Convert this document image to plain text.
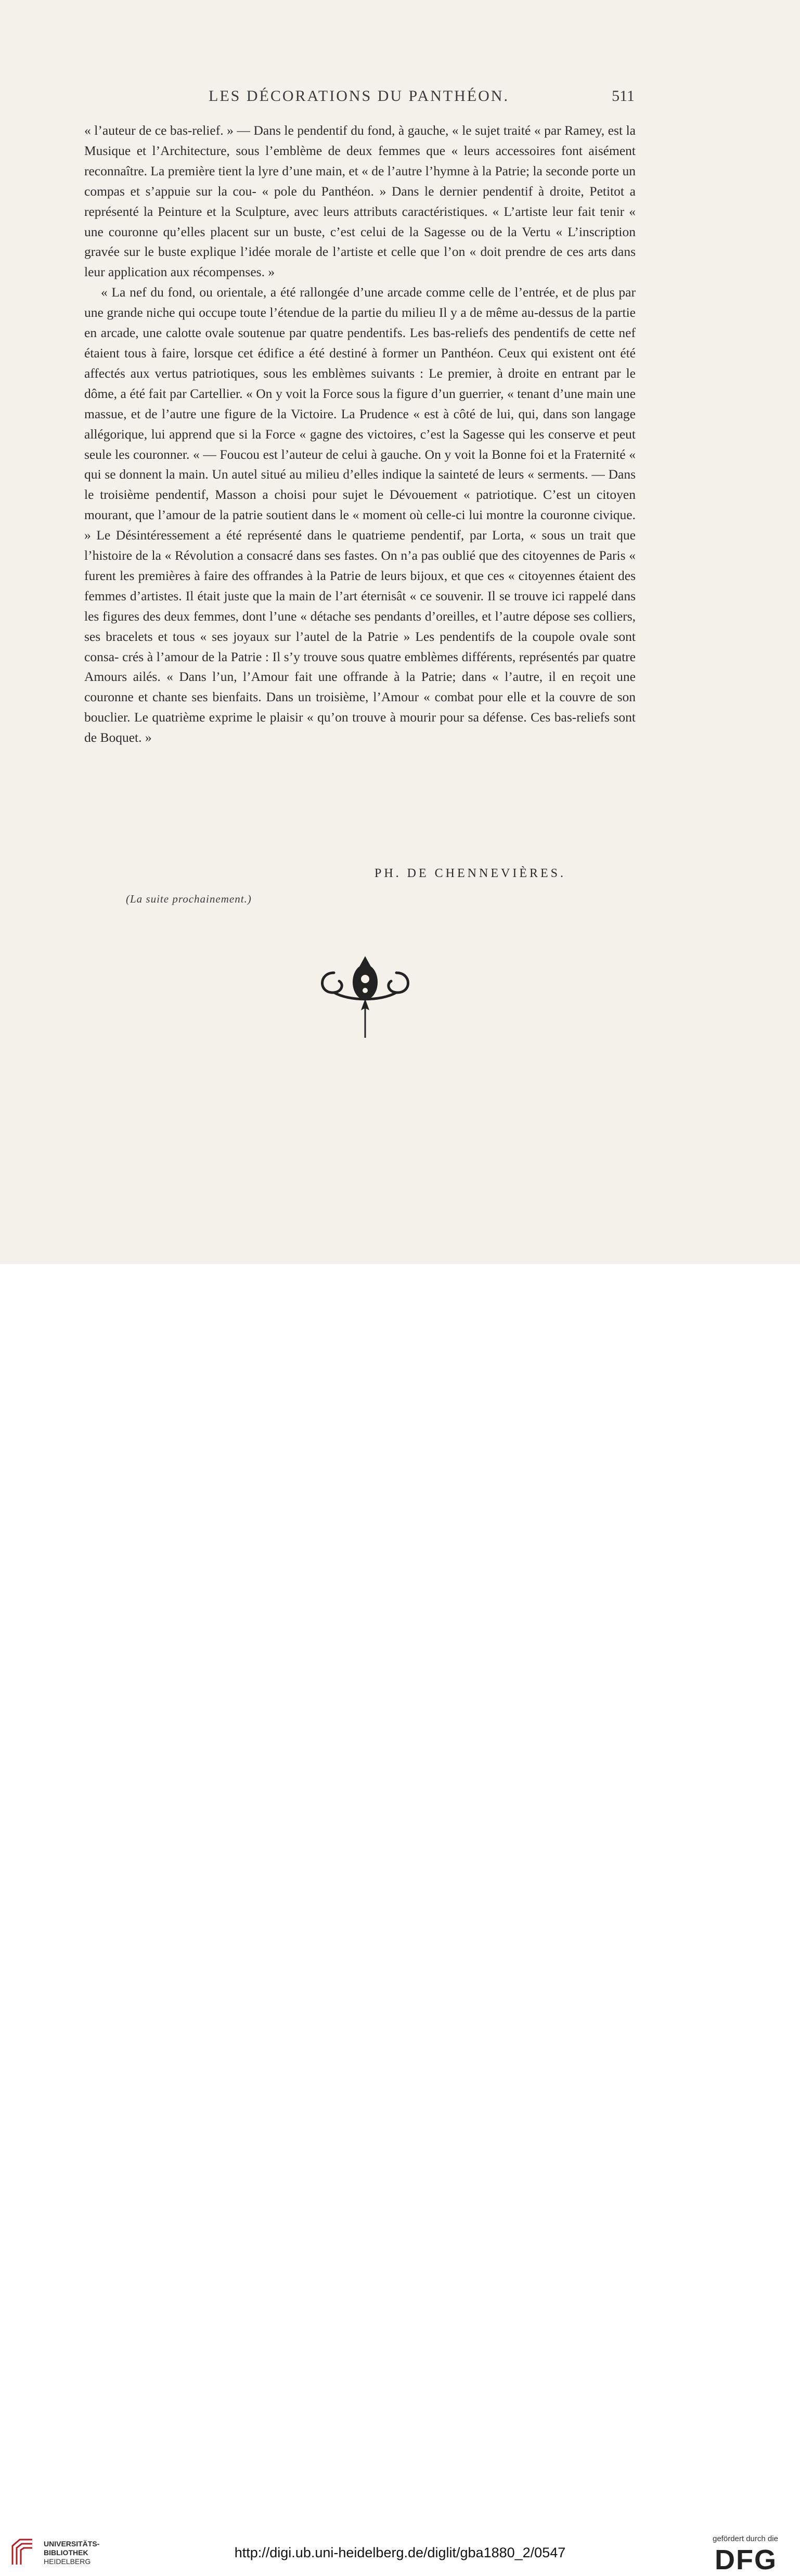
LES DÉCORATIONS DU PANTHÉON.	511

« l’auteur de ce bas-relief. » — Dans le pendentif du fond, à gauche, « le sujet traité « par Ramey, est la Musique et l’Architecture, sous l’emblème de deux femmes que « leurs accessoires font aisément reconnaître. La première tient la lyre d’une main, et « de l’autre l’hymne à la Patrie; la seconde porte un compas et s’appuie sur la cou- « pole du Panthéon. » Dans le dernier pendentif à droite, Petitot a représenté la Peinture et la Sculpture, avec leurs attributs caractéristiques. « L’artiste leur fait tenir « une couronne qu’elles placent sur un buste, c’est celui de la Sagesse ou de la Vertu « L’inscription gravée sur le buste explique l’idée morale de l’artiste et celle que l’on « doit prendre de ces arts dans leur application aux récompenses. »

« La nef du fond, ou orientale, a été rallongée d’une arcade comme celle de l’entrée, et de plus par une grande niche qui occupe toute l’étendue de la partie du milieu Il y a de même au-dessus de la partie en arcade, une calotte ovale soutenue par quatre pendentifs. Les bas-reliefs des pendentifs de cette nef étaient tous à faire, lorsque cet édifice a été destiné à former un Panthéon. Ceux qui existent ont été affectés aux vertus patriotiques, sous les emblèmes suivants : Le premier, à droite en entrant par le dôme, a été fait par Cartellier. « On y voit la Force sous la figure d’un guerrier, « tenant d’une main une massue, et de l’autre une figure de la Victoire. La Prudence « est à côté de lui, qui, dans son langage allégorique, lui apprend que si la Force « gagne des victoires, c’est la Sagesse qui les conserve et peut seule les couronner. « — Foucou est l’auteur de celui à gauche. On y voit la Bonne foi et la Fraternité « qui se donnent la main. Un autel situé au milieu d’elles indique la sainteté de leurs « serments. — Dans le troisième pendentif, Masson a choisi pour sujet le Dévouement « patriotique. C’est un citoyen mourant, que l’amour de la patrie soutient dans le « moment où celle-ci lui montre la couronne civique. » Le Désintéressement a été représenté dans le quatrieme pendentif, par Lorta, « sous un trait que l’histoire de la « Révolution a consacré dans ses fastes. On n’a pas oublié que des citoyennes de Paris « furent les premières à faire des offrandes à la Patrie de leurs bijoux, et que ces « citoyennes étaient des femmes d’artistes. Il était juste que la main de l’art éternisât « ce souvenir. Il se trouve ici rappelé dans les figures des deux femmes, dont l’une « détache ses pendants d’oreilles, et l’autre dépose ses colliers, ses bracelets et tous « ses joyaux sur l’autel de la Patrie » Les pendentifs de la coupole ovale sont consa- crés à l’amour de la Patrie : Il s’y trouve sous quatre emblèmes différents, représentés par quatre Amours ailés. « Dans l’un, l’Amour fait une offrande à la Patrie; dans « l’autre, il en reçoit une couronne et chante ses bienfaits. Dans un troisième, l’Amour « combat pour elle et la couvre de son bouclier. Le quatrième exprime le plaisir « qu’on trouve à mourir pour sa défense. Ces bas-reliefs sont de Boquet. »

PH. DE CHENNEVIÈRES.
(La suite prochainement.)
UNIVERSITÄTS-
BIBLIOTHEK
HEIDELBERG
http://digi.ub.uni-heidelberg.de/diglit/gba1880_2/0547
gefördert durch die
DFG
